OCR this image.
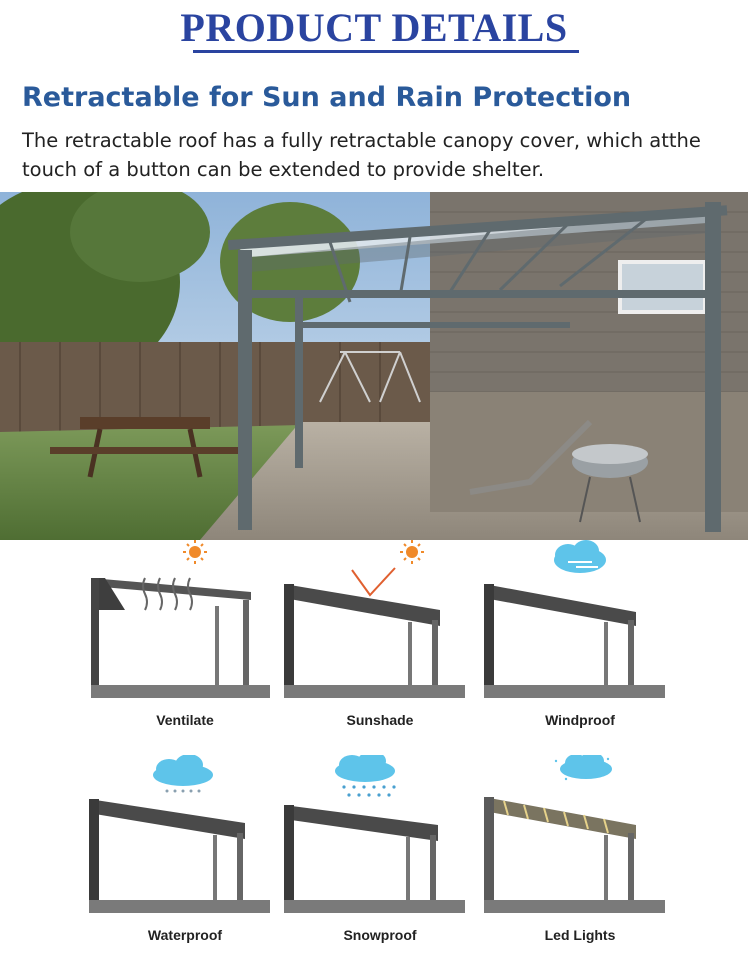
PRODUCT DETAILS
Retractable for Sun and Rain Protection
The retractable roof has a fully retractable canopy cover, which atthe touch of a button can be extended to provide shelter.
Ventilate	Sunshade	Windproof
Waterproof	Snowproof	Led Lights
